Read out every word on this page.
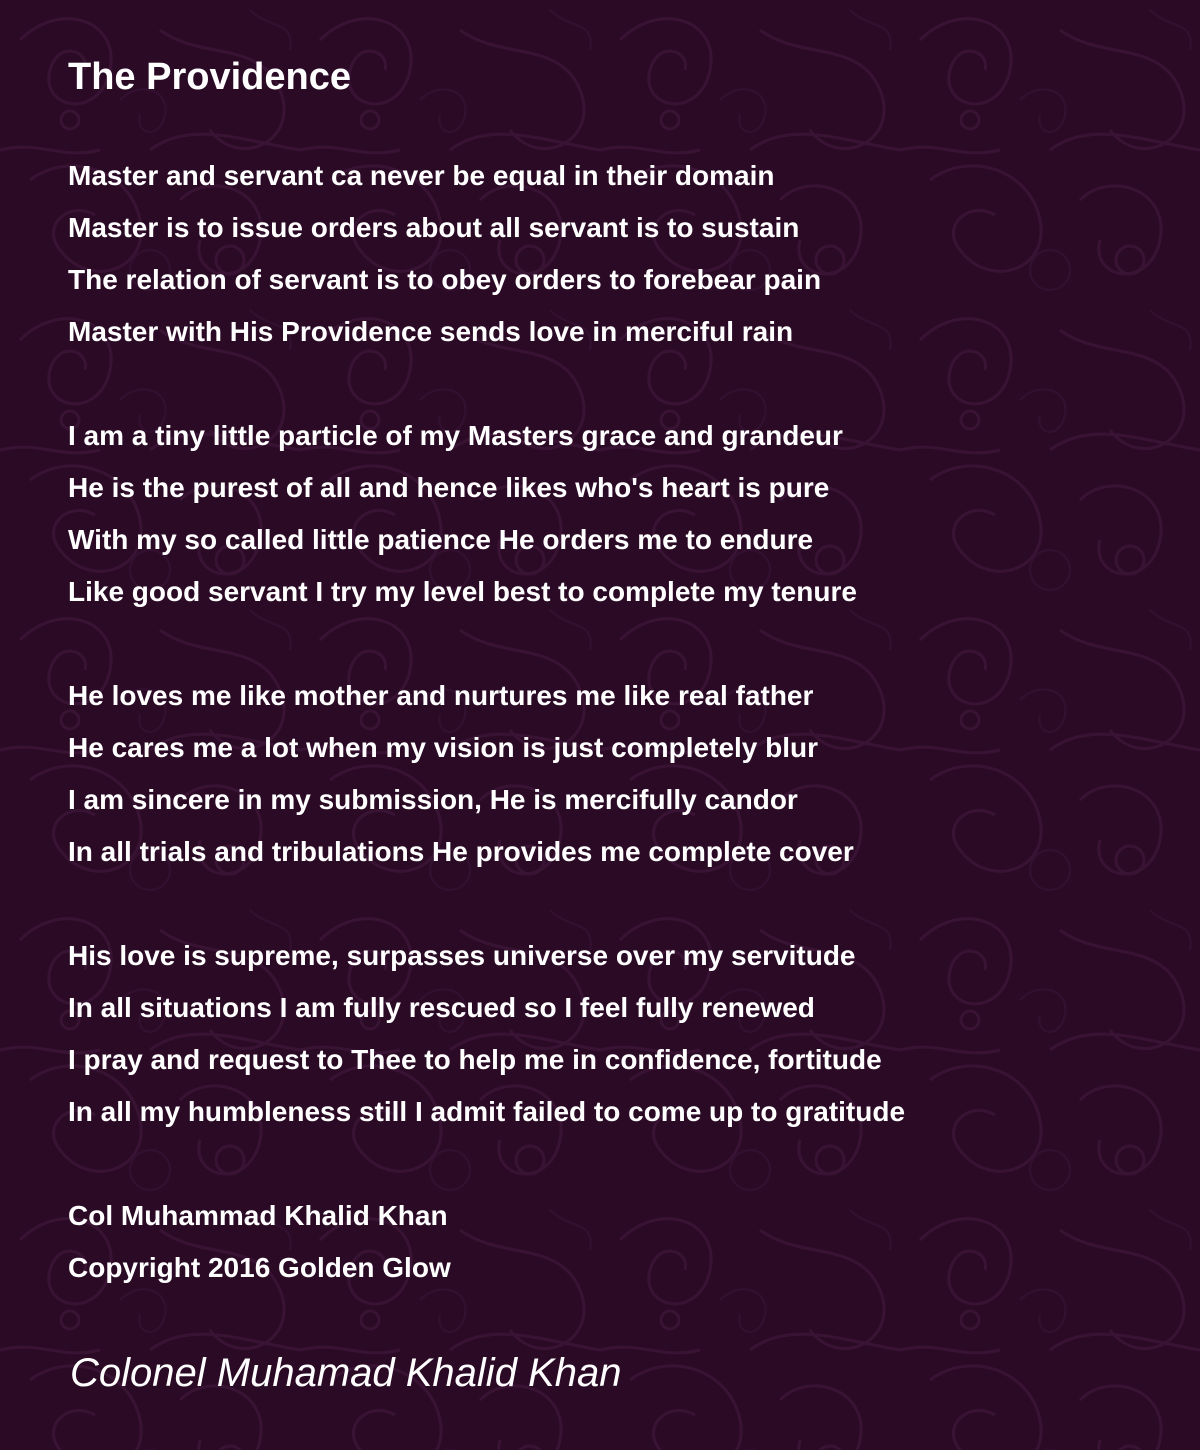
The Providence
Master and servant ca never be equal in their domain
Master is to issue orders about all servant is to sustain
The relation of servant is to obey orders to forebear pain
Master with His Providence sends love in merciful rain
I am a tiny little particle of my Masters grace and grandeur
He is the purest of all and hence likes who's heart is pure
With my so called little patience He orders me to endure
Like good servant I try my level best to complete my tenure
He loves me like mother and nurtures me like real father
He cares me a lot when my vision is just completely blur
I am sincere in my submission, He is mercifully candor
In all trials and tribulations He provides me complete cover
His love is supreme, surpasses universe over my servitude
In all situations I am fully rescued so I feel fully renewed
I pray and request to Thee to help me in confidence, fortitude
In all my humbleness still I admit failed to come up to gratitude
Col Muhammad Khalid Khan
Copyright 2016 Golden Glow
Colonel Muhamad Khalid Khan
